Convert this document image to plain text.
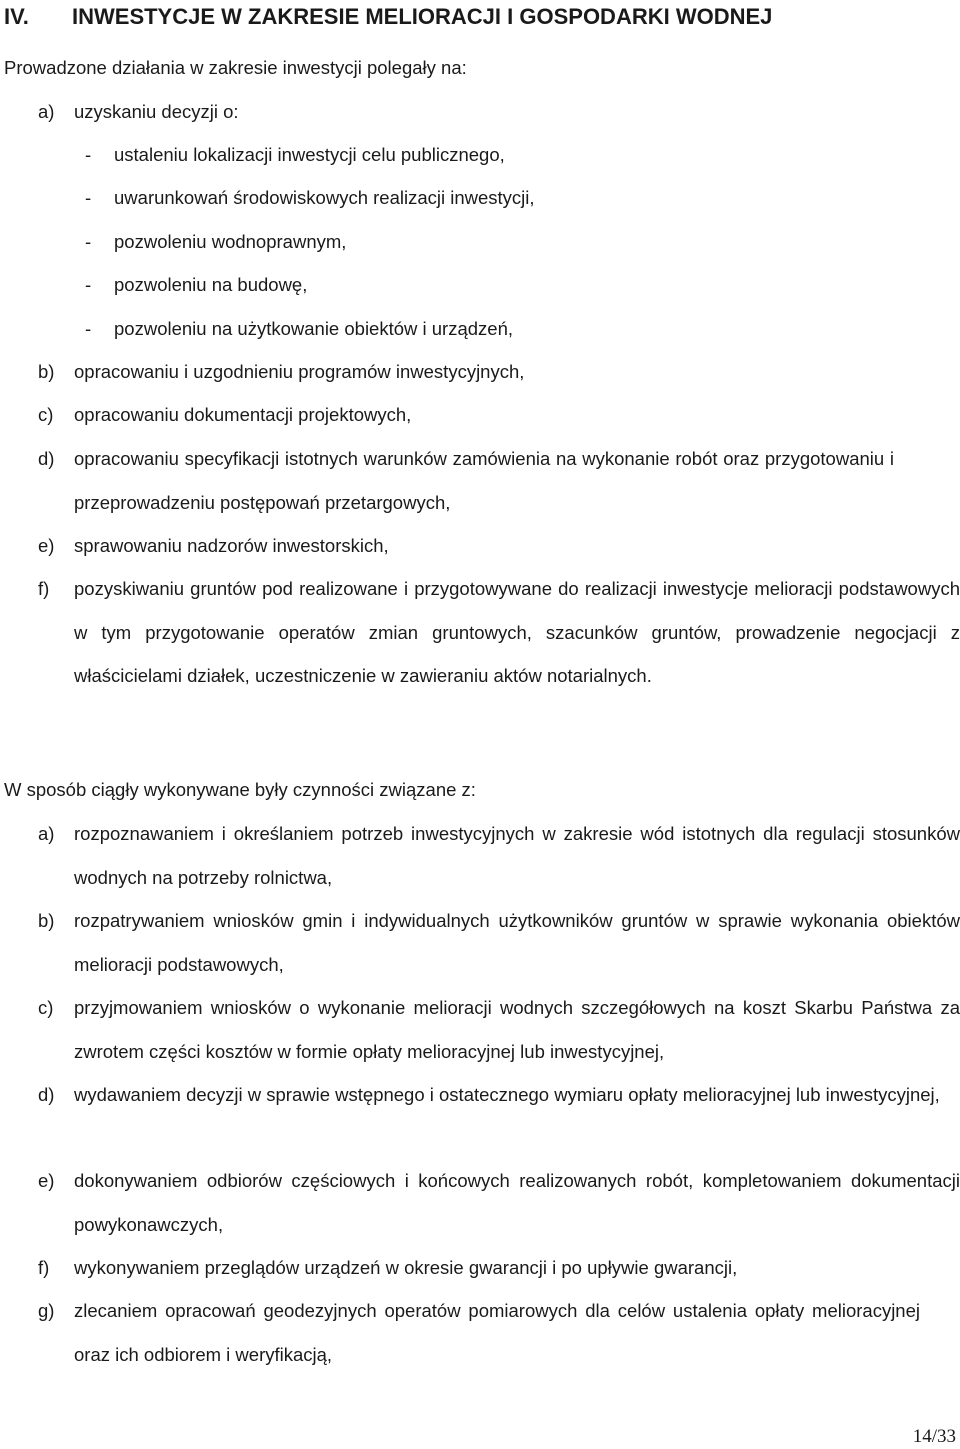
IV. INWESTYCJE W ZAKRESIE MELIORACJI I GOSPODARKI WODNEJ
Prowadzone działania w zakresie inwestycji polegały na:
a) uzyskaniu decyzji o:
- ustaleniu lokalizacji inwestycji celu publicznego,
- uwarunkowań środowiskowych realizacji inwestycji,
- pozwoleniu wodnoprawnym,
- pozwoleniu na budowę,
- pozwoleniu na użytkowanie obiektów i urządzeń,
b) opracowaniu i uzgodnieniu programów inwestycyjnych,
c) opracowaniu dokumentacji projektowych,
d) opracowaniu specyfikacji istotnych warunków zamówienia na wykonanie robót oraz przygotowaniu i przeprowadzeniu postępowań przetargowych,
e) sprawowaniu nadzorów inwestorskich,
f) pozyskiwaniu gruntów pod realizowane i przygotowywane do realizacji inwestycje melioracji podstawowych w tym przygotowanie operatów zmian gruntowych, szacunków gruntów, prowadzenie negocjacji z właścicielami działek, uczestniczenie w zawieraniu aktów notarialnych.
W sposób ciągły wykonywane były czynności związane z:
a) rozpoznawaniem i określaniem potrzeb inwestycyjnych w zakresie wód istotnych dla regulacji stosunków wodnych na potrzeby rolnictwa,
b) rozpatrywaniem wniosków gmin i indywidualnych użytkowników gruntów w sprawie wykonania obiektów melioracji podstawowych,
c) przyjmowaniem wniosków o wykonanie melioracji wodnych szczegółowych na koszt Skarbu Państwa za zwrotem części kosztów w formie opłaty melioracyjnej lub inwestycyjnej,
d) wydawaniem decyzji w sprawie wstępnego i ostatecznego wymiaru opłaty melioracyjnej lub inwestycyjnej,
e) dokonywaniem odbiorów częściowych i końcowych realizowanych robót, kompletowaniem dokumentacji powykonawczych,
f) wykonywaniem przeglądów urządzeń w okresie gwarancji i po upływie gwarancji,
g) zlecaniem opracowań geodezyjnych operatów pomiarowych dla celów ustalenia opłaty melioracyjnej oraz ich odbiorem i weryfikacją,
14/33
